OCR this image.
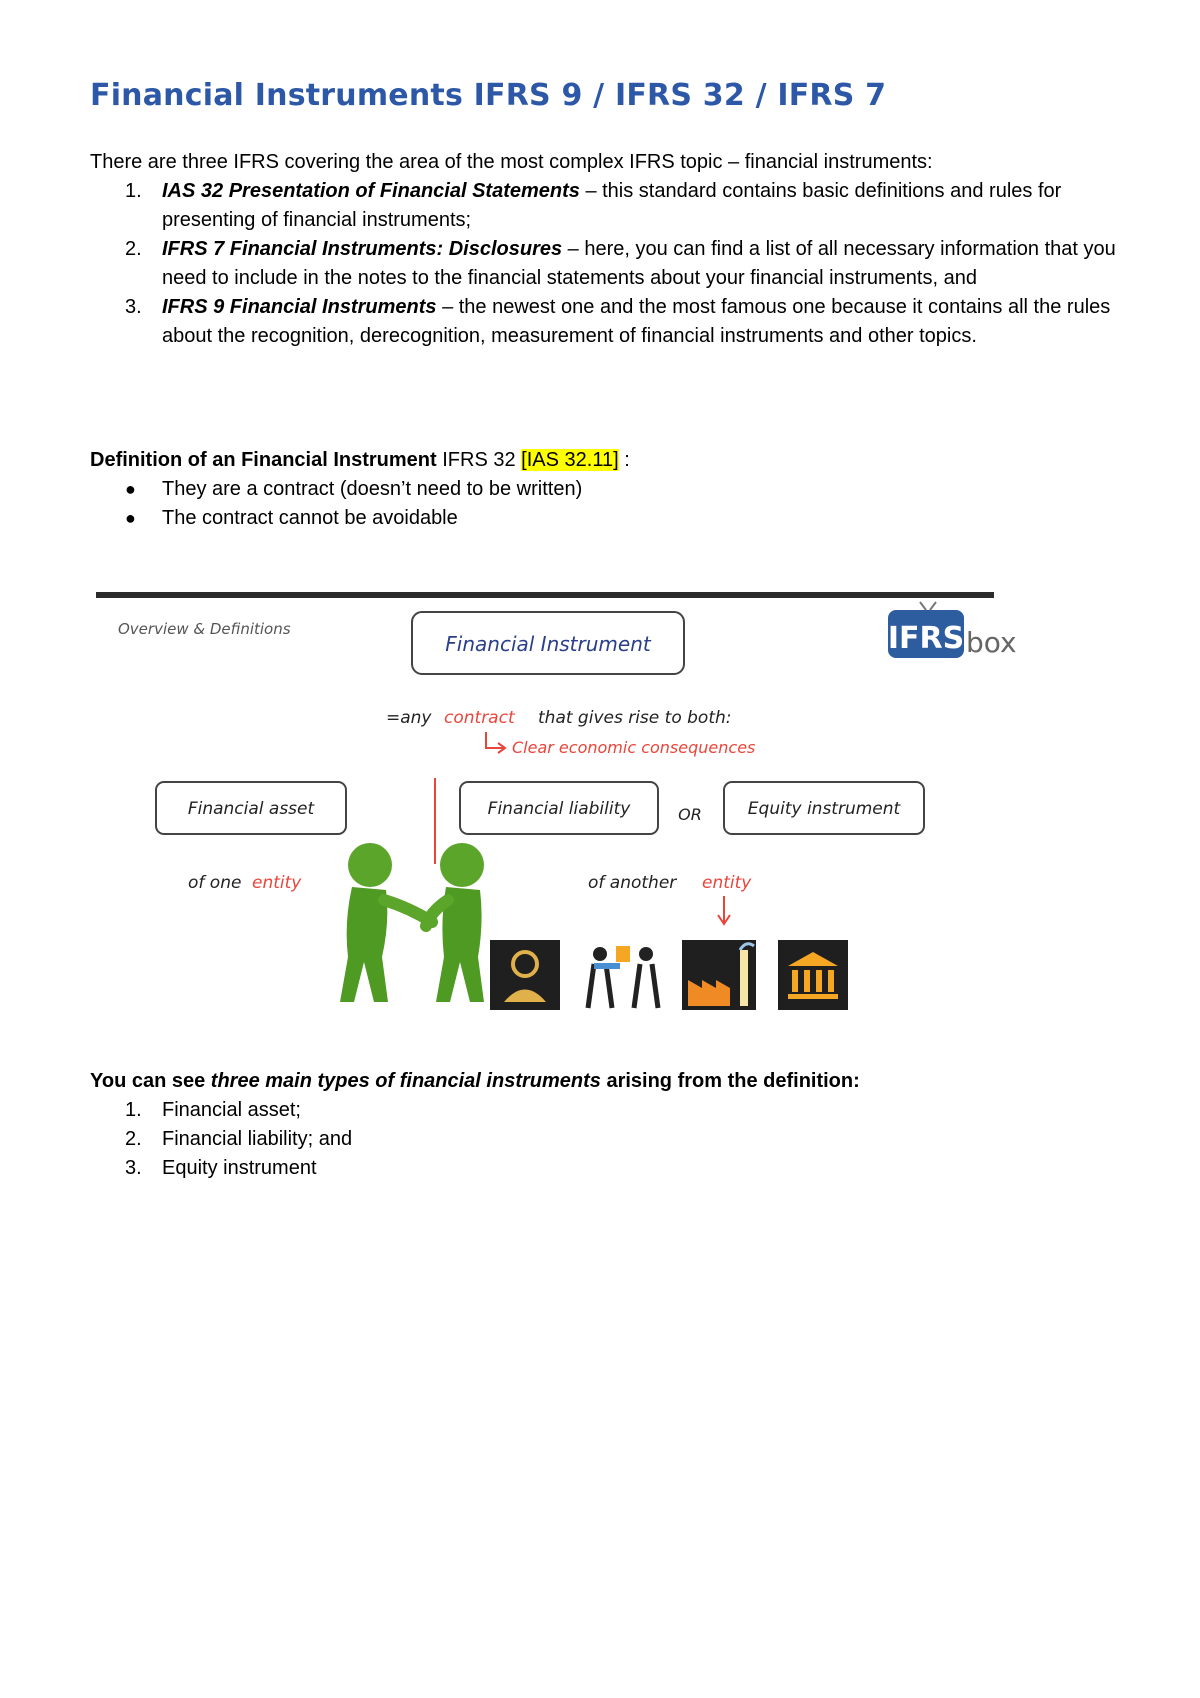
Financial Instruments IFRS 9 / IFRS 32 / IFRS 7
There are three IFRS covering the area of the most complex IFRS topic – financial instruments:
1. IAS 32 Presentation of Financial Statements – this standard contains basic definitions and rules for presenting of financial instruments;
2. IFRS 7 Financial Instruments: Disclosures – here, you can find a list of all necessary information that you need to include in the notes to the financial statements about your financial instruments, and
3. IFRS 9 Financial Instruments – the newest one and the most famous one because it contains all the rules about the recognition, derecognition, measurement of financial instruments and other topics.
Definition of an Financial Instrument IFRS 32 [IAS 32.11] :
● They are a contract (doesn’t need to be written)
● The contract cannot be avoidable
Overview & Definitions
Financial Instrument	IFRS box
=any contract that gives rise to both:
Clear economic consequences
Financial asset	Financial liability	OR	Equity instrument
of one entity	of another entity
You can see three main types of financial instruments arising from the definition:
1. Financial asset;
2. Financial liability; and
3. Equity instrument
